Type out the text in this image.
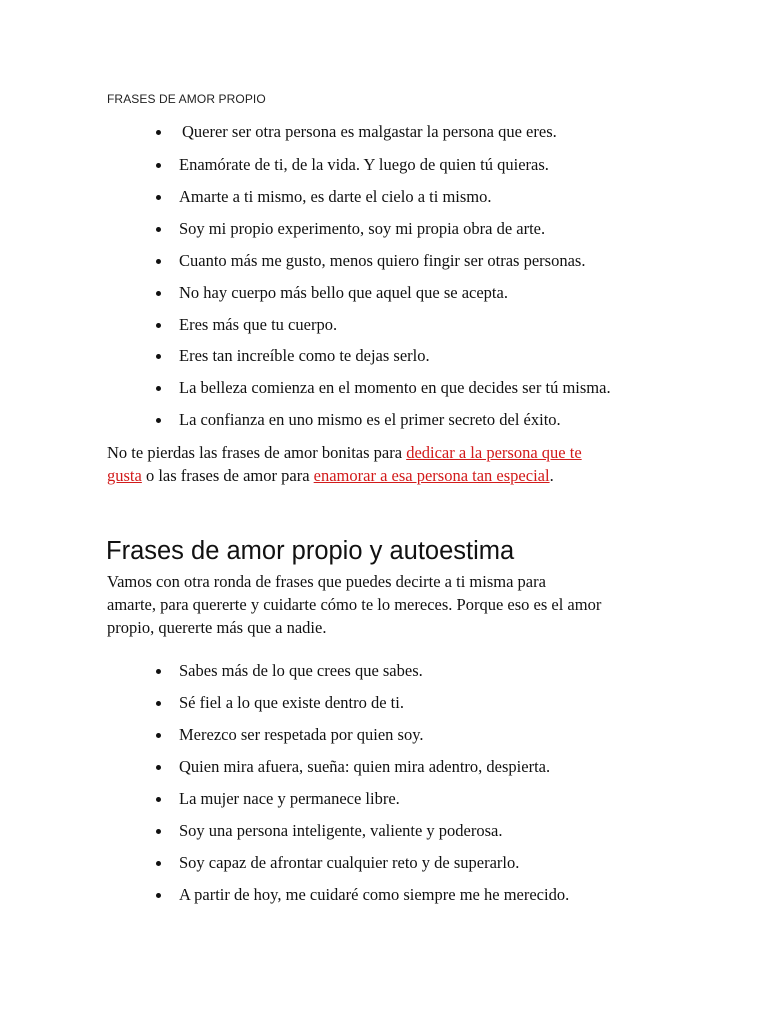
FRASES DE AMOR PROPIO
Querer ser otra persona es malgastar la persona que eres.
Enamórate de ti, de la vida. Y luego de quien tú quieras.
Amarte a ti mismo, es darte el cielo a ti mismo.
Soy mi propio experimento, soy mi propia obra de arte.
Cuanto más me gusto, menos quiero fingir ser otras personas.
No hay cuerpo más bello que aquel que se acepta.
Eres más que tu cuerpo.
Eres tan increíble como te dejas serlo.
La belleza comienza en el momento en que decides ser tú misma.
La confianza en uno mismo es el primer secreto del éxito.
No te pierdas las frases de amor bonitas para dedicar a la persona que te
gusta o las frases de amor para enamorar a esa persona tan especial.
Frases de amor propio y autoestima
Vamos con otra ronda de frases que puedes decirte a ti misma para
amarte, para quererte y cuidarte cómo te lo mereces. Porque eso es el amor
propio, quererte más que a nadie.
Sabes más de lo que crees que sabes.
Sé fiel a lo que existe dentro de ti.
Merezco ser respetada por quien soy.
Quien mira afuera, sueña: quien mira adentro, despierta.
La mujer nace y permanece libre.
Soy una persona inteligente, valiente y poderosa.
Soy capaz de afrontar cualquier reto y de superarlo.
A partir de hoy, me cuidaré como siempre me he merecido.
